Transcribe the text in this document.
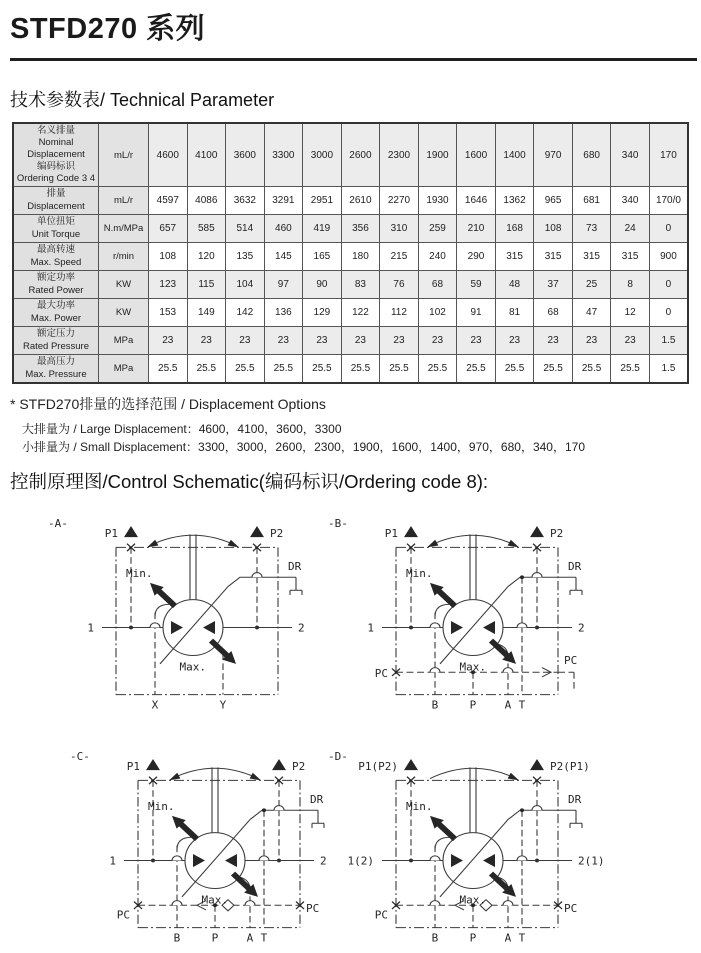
STFD270 系列
技术参数表/ Technical Parameter
名义排量
Nominal
Displacement
编码标识
Ordering Code 3 4	mL/r	4600	4100	3600	3300	3000	2600	2300	1900	1600	1400	970	680	340	170

排量
Displacement	mL/r	4597	4086	3632	3291	2951	2610	2270	1930	1646	1362	965	681	340	170/0

单位扭矩
Unit Torque	N.m/MPa	657	585	514	460	419	356	310	259	210	168	108	73	24	0

最高转速
Max. Speed	r/min	108	120	135	145	165	180	215	240	290	315	315	315	315	900

额定功率
Rated Power	KW	123	115	104	97	90	83	76	68	59	48	37	25	8	0

最大功率
Max. Power	KW	153	149	142	136	129	122	112	102	91	81	68	47	12	0

额定压力
Rated Pressure	MPa	23	23	23	23	23	23	23	23	23	23	23	23	23	1.5

最高压力
Max. Pressure	MPa	25.5	25.5	25.5	25.5	25.5	25.5	25.5	25.5	25.5	25.5	25.5	25.5	25.5	1.5
* STFD270排量的选择范围 / Displacement Options
大排量为 / Large Displacement：4600，4100，3600，3300
小排量为 / Small Displacement：3300，3000，2600，2300，1900，1600，1400，970，680，340，170
控制原理图/Control Schematic(编码标识/Ordering code 8):
Min.
Max.
DR
P1	P2
1	2
X	Y
-A-
PC
PC
Min.
Max.
DR
P1	P2
1	2
B	P	A T
-B-
PC
PC
Min.
Max.
DR
P1	P2
1	2
B	P	A T
-C-
PC
PC
Min.
Max.
DR
P1(P2)	P2(P1)
1(2)	2(1)
B	P	A T
-D-
